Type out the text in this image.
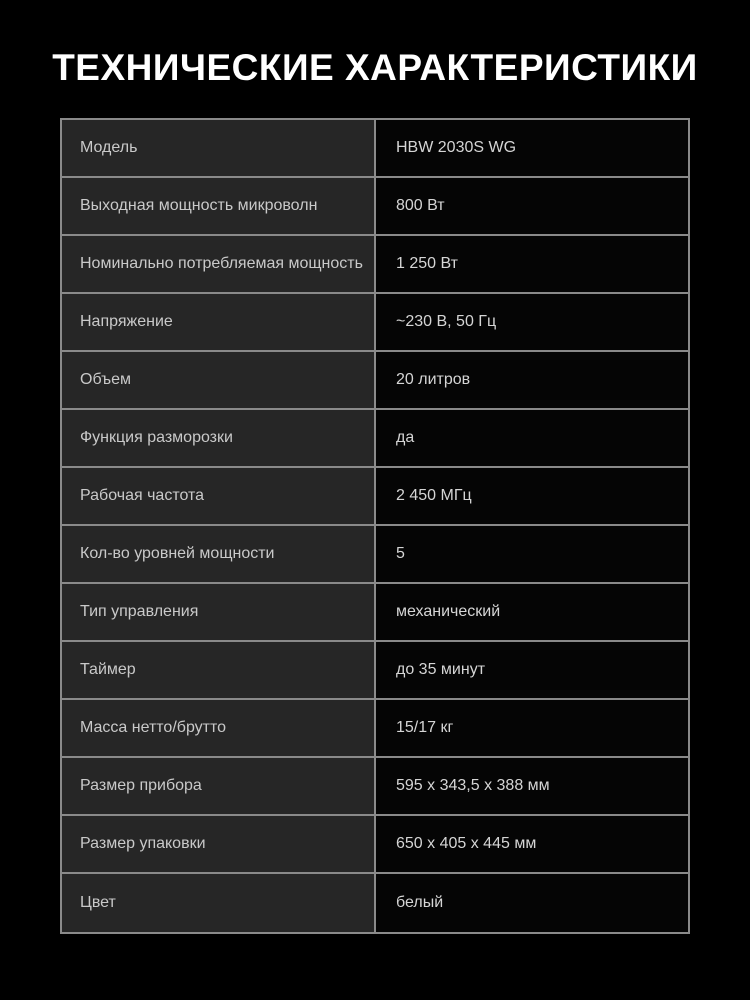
ТЕХНИЧЕСКИЕ ХАРАКТЕРИСТИКИ
Модель	HBW 2030S WG
Выходная мощность микроволн	800 Вт
Номинально потребляемая мощность	1 250 Вт
Напряжение	~230 В, 50 Гц
Объем	20 литров
Функция разморозки	да
Рабочая частота	2 450 МГц
Кол-во уровней мощности	5
Тип управления	механический
Таймер	до 35 минут
Масса нетто/брутто	15/17 кг
Размер прибора	595 x 343,5 x 388 мм
Размер упаковки	650 x 405 x 445 мм
Цвет	белый
